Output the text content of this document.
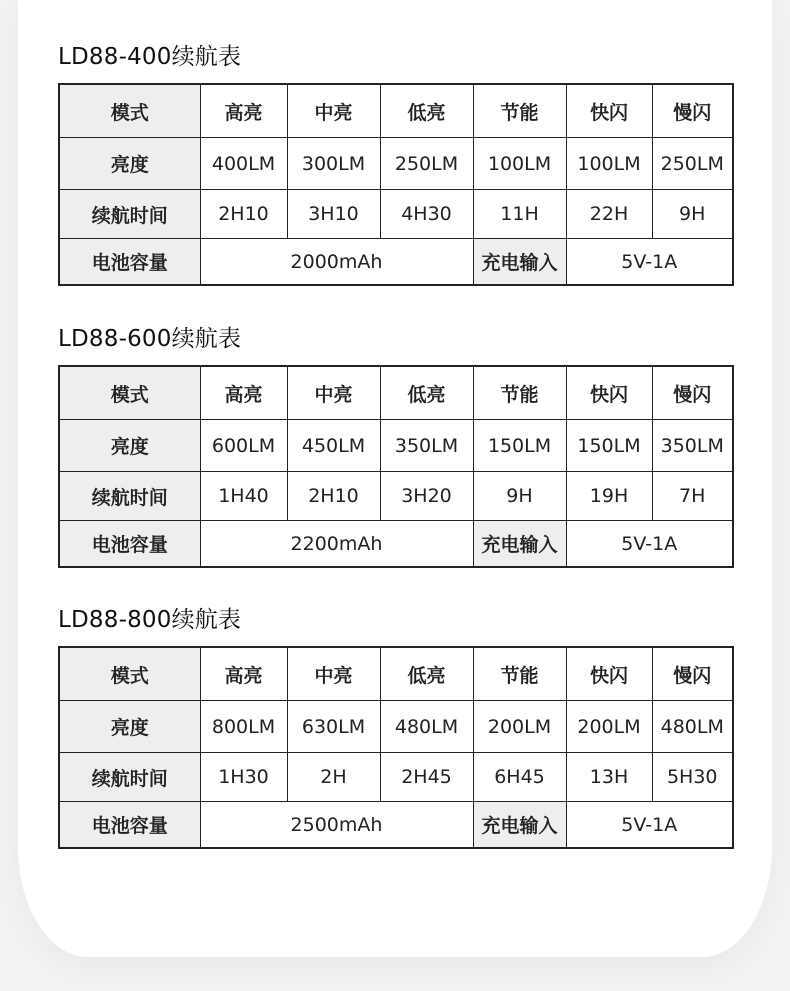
LD88-400续航表
模式	高亮	中亮	低亮	节能	快闪	慢闪
亮度	400LM	300LM	250LM	100LM	100LM	250LM
续航时间	2H10	3H10	4H30	11H	22H	9H
电池容量	2000mAh			充电输入	5V-1A	
LD88-600续航表
模式	高亮	中亮	低亮	节能	快闪	慢闪
亮度	600LM	450LM	350LM	150LM	150LM	350LM
续航时间	1H40	2H10	3H20	9H	19H	7H
电池容量	2200mAh			充电输入	5V-1A	
LD88-800续航表
模式	高亮	中亮	低亮	节能	快闪	慢闪
亮度	800LM	630LM	480LM	200LM	200LM	480LM
续航时间	1H30	2H	2H45	6H45	13H	5H30
电池容量	2500mAh			充电输入	5V-1A	
